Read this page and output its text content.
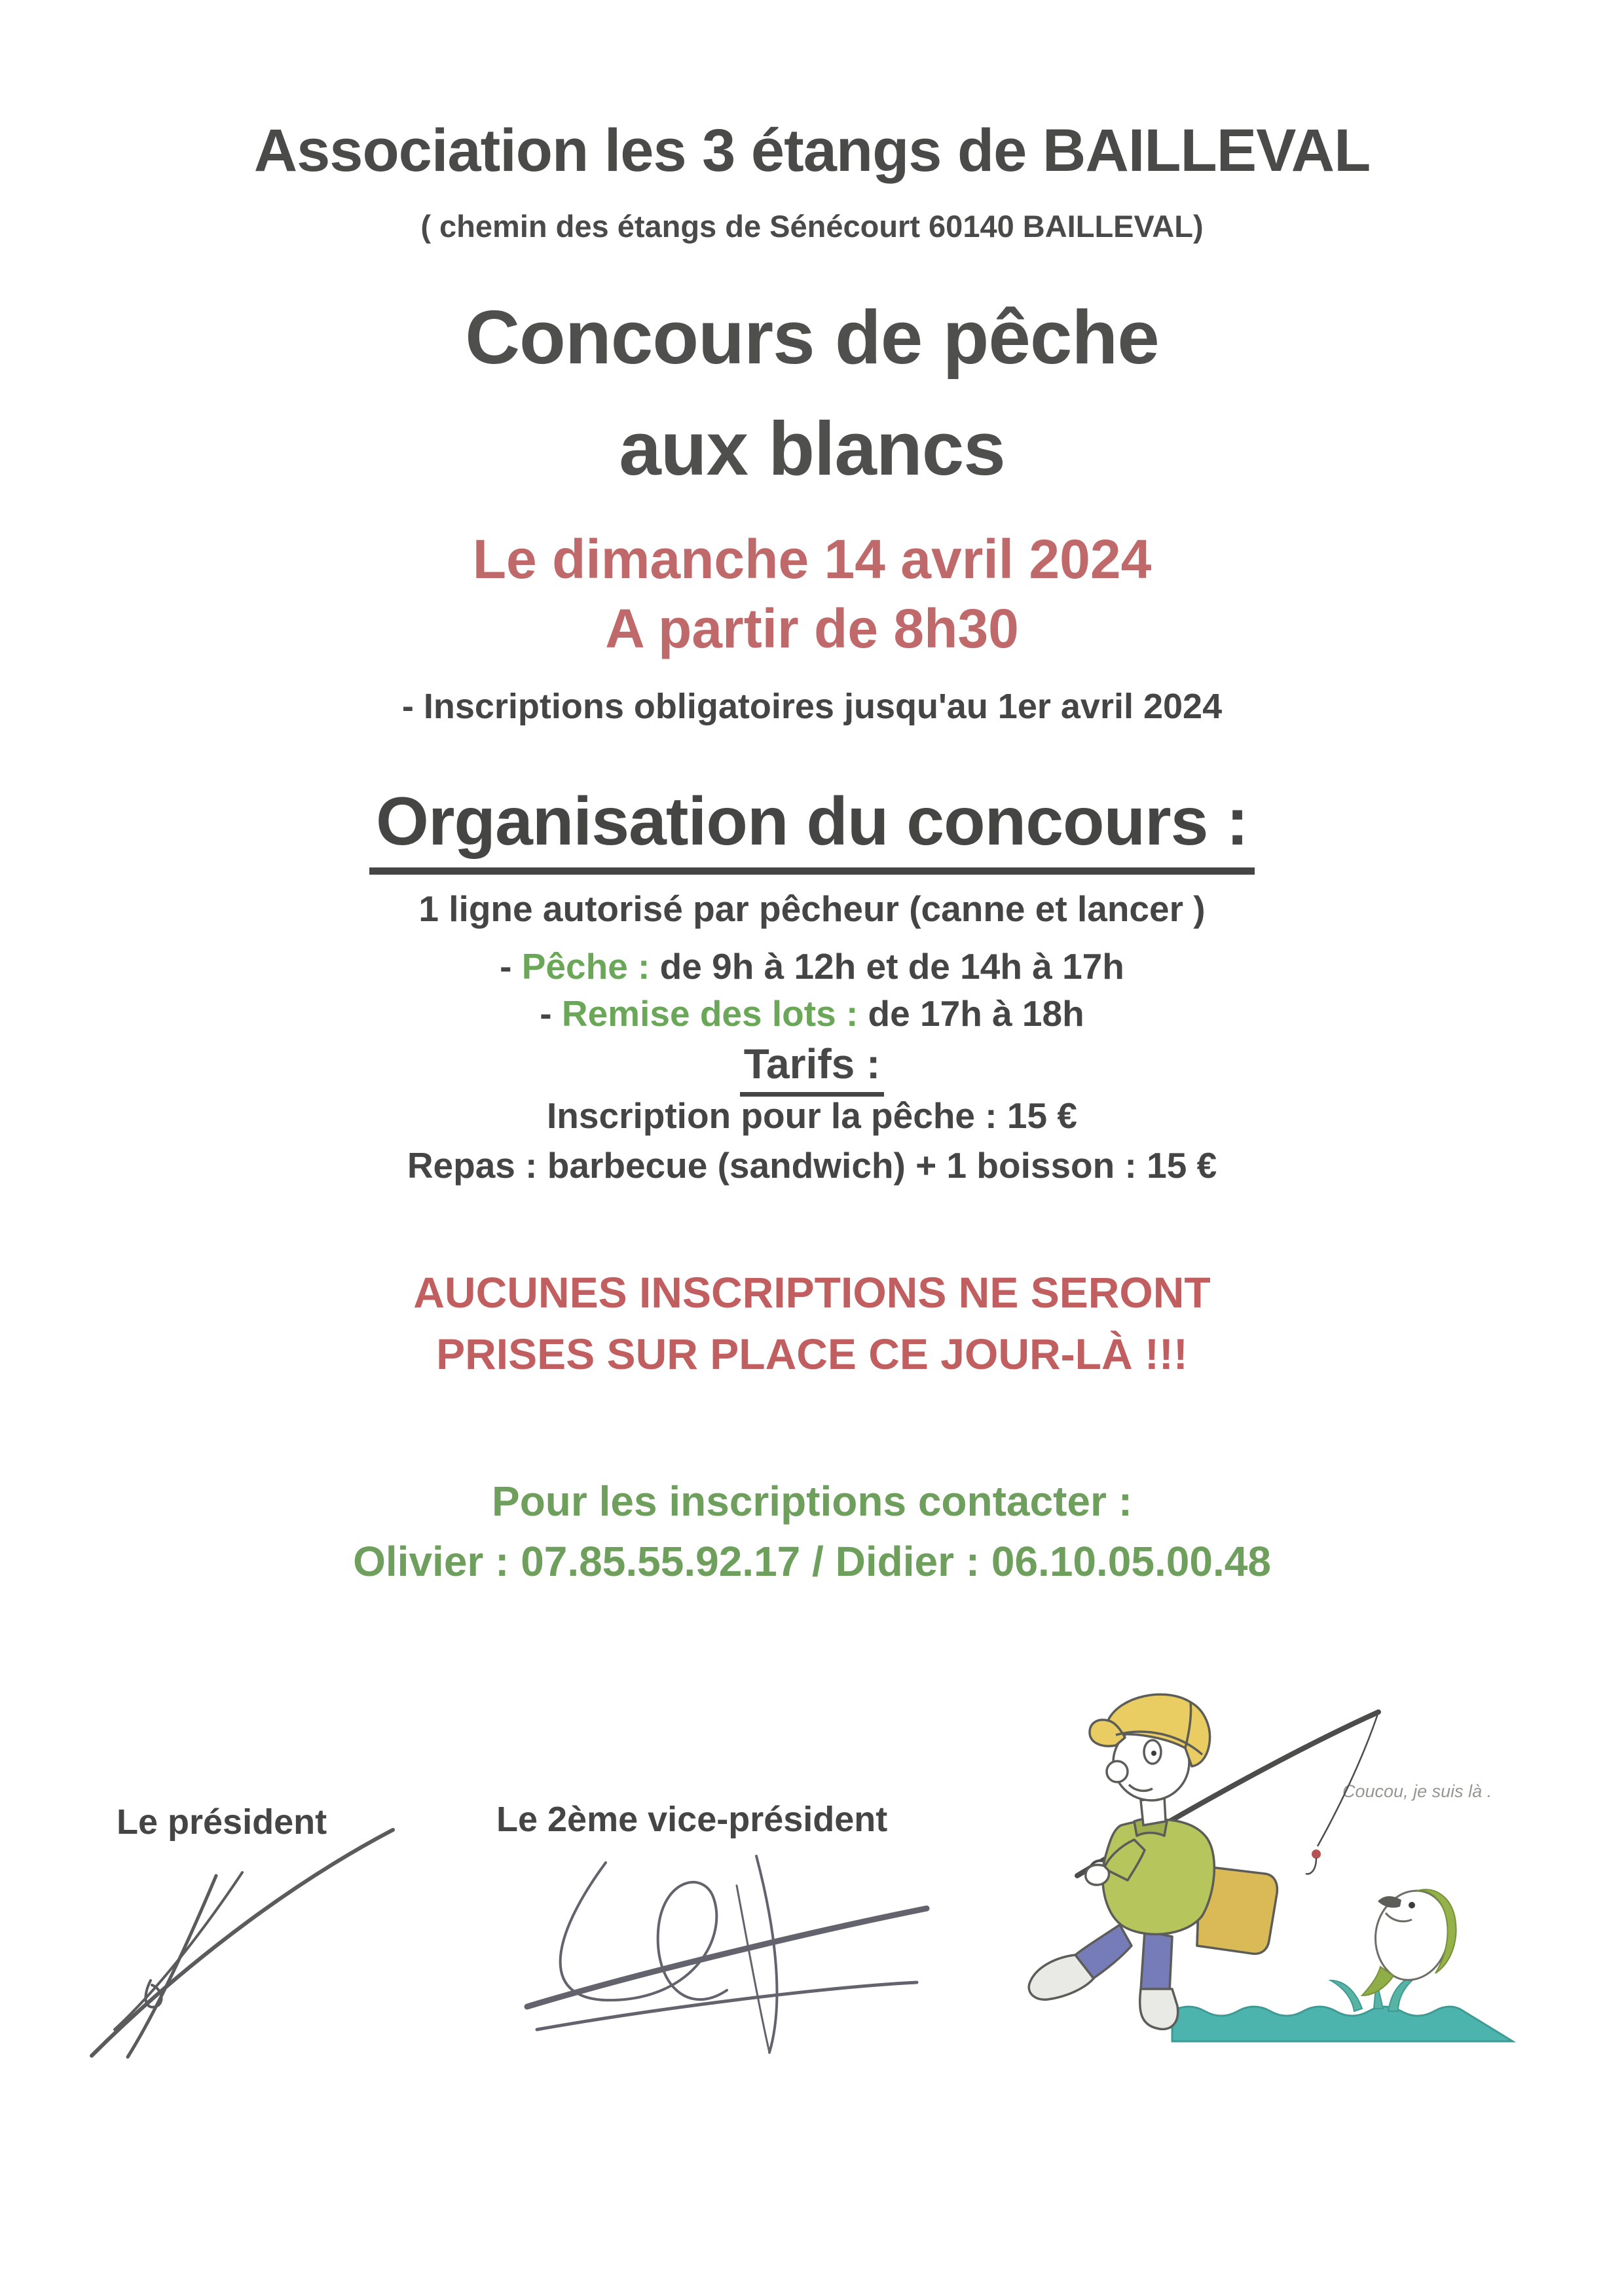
Association les 3 étangs de BAILLEVAL
( chemin des étangs de Sénécourt 60140 BAILLEVAL)
Concours de pêche
aux blancs
Le dimanche 14 avril 2024
A partir de 8h30
- Inscriptions obligatoires jusqu'au 1er avril 2024
Organisation du concours :
1 ligne autorisé par pêcheur (canne et lancer )
- Pêche : de 9h à 12h et de 14h à 17h
- Remise des lots : de 17h à 18h
Tarifs :
Inscription pour la pêche : 15 €
Repas : barbecue (sandwich) + 1 boisson : 15 €
AUCUNES INSCRIPTIONS NE SERONT
PRISES SUR PLACE CE JOUR-LÀ !!!
Pour les inscriptions contacter :
Olivier : 07.85.55.92.17 / Didier : 06.10.05.00.48
Le président	Le 2ème vice-président
Coucou, je suis là .
